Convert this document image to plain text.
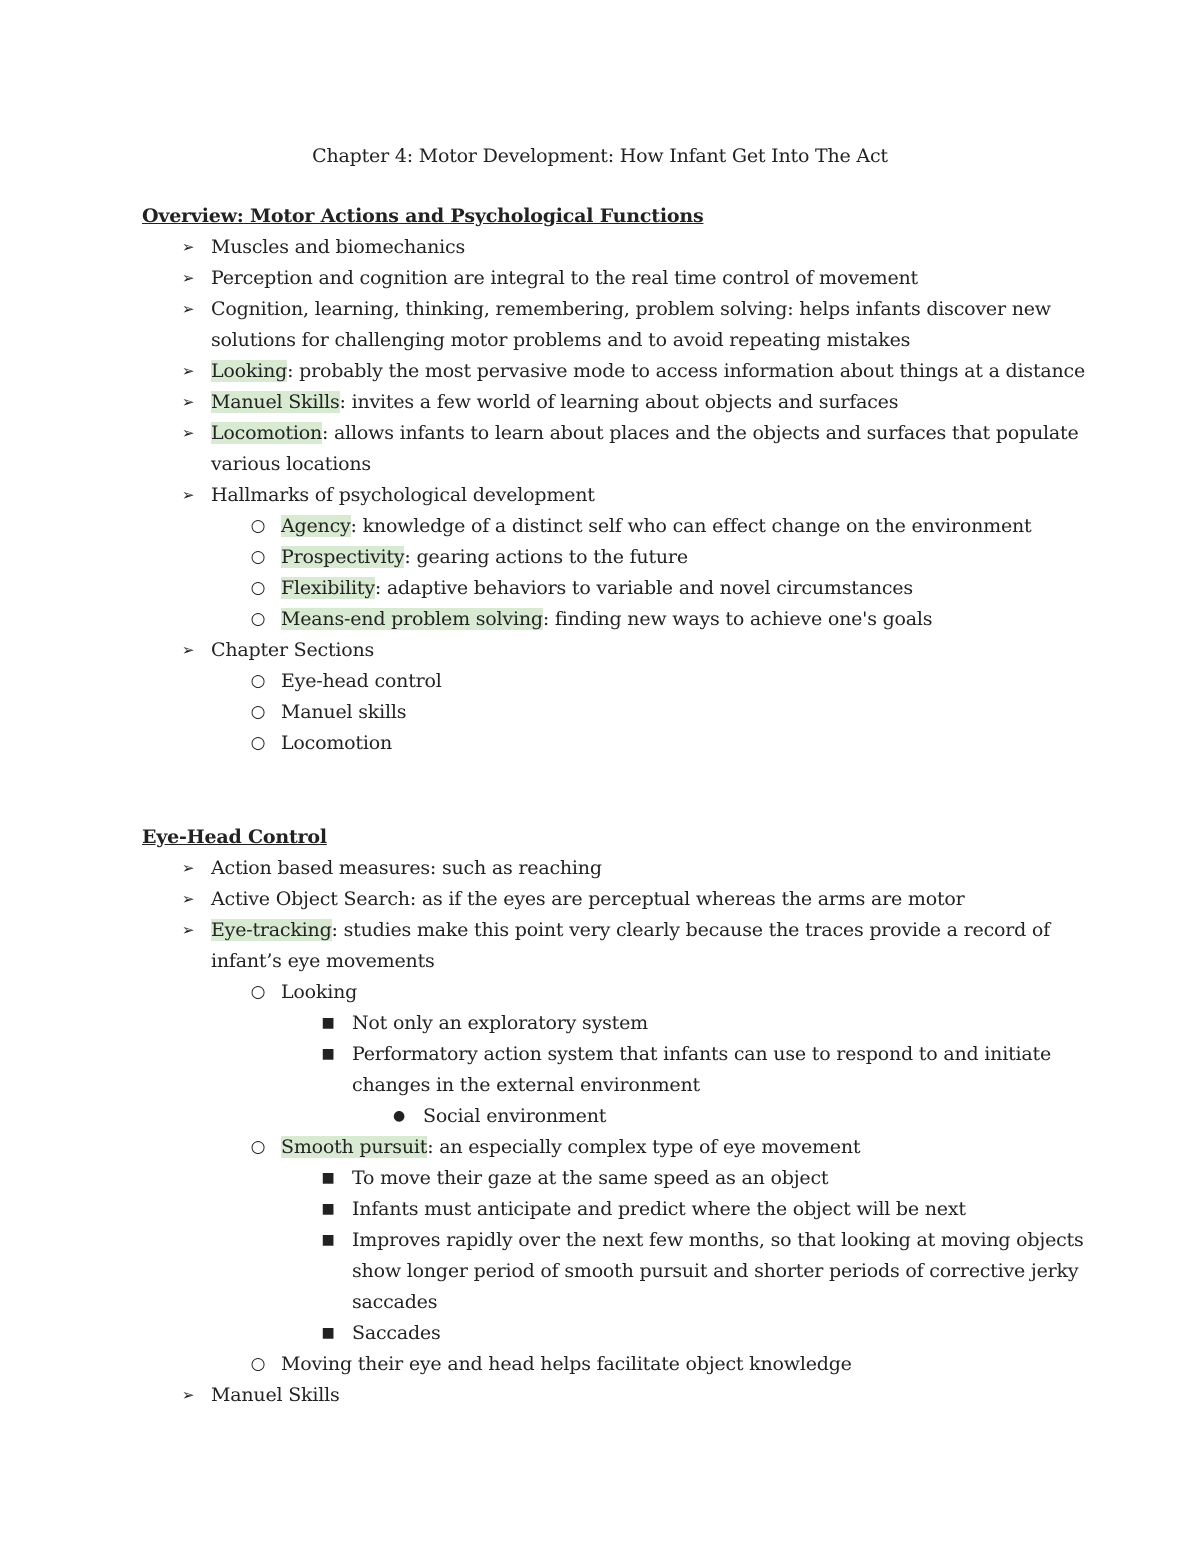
Chapter 4: Motor Development: How Infant Get Into The Act
Overview: Motor Actions and Psychological Functions
➢ Muscles and biomechanics
➢ Perception and cognition are integral to the real time control of movement
➢ Cognition, learning, thinking, remembering, problem solving: helps infants discover new solutions for challenging motor problems and to avoid repeating mistakes
➢ Looking: probably the most pervasive mode to access information about things at a distance
➢ Manuel Skills: invites a few world of learning about objects and surfaces
➢ Locomotion: allows infants to learn about places and the objects and surfaces that populate various locations
➢ Hallmarks of psychological development
○ Agency: knowledge of a distinct self who can effect change on the environment
○ Prospectivity: gearing actions to the future
○ Flexibility: adaptive behaviors to variable and novel circumstances
○ Means-end problem solving: finding new ways to achieve one's goals
➢ Chapter Sections
○ Eye-head control
○ Manuel skills
○ Locomotion
Eye-Head Control
➢ Action based measures: such as reaching
➢ Active Object Search: as if the eyes are perceptual whereas the arms are motor
➢ Eye-tracking: studies make this point very clearly because the traces provide a record of infant’s eye movements
○ Looking
■ Not only an exploratory system
■ Performatory action system that infants can use to respond to and initiate changes in the external environment
● Social environment
○ Smooth pursuit: an especially complex type of eye movement
■ To move their gaze at the same speed as an object
■ Infants must anticipate and predict where the object will be next
■ Improves rapidly over the next few months, so that looking at moving objects show longer period of smooth pursuit and shorter periods of corrective jerky saccades
■ Saccades
○ Moving their eye and head helps facilitate object knowledge
➢ Manuel Skills
